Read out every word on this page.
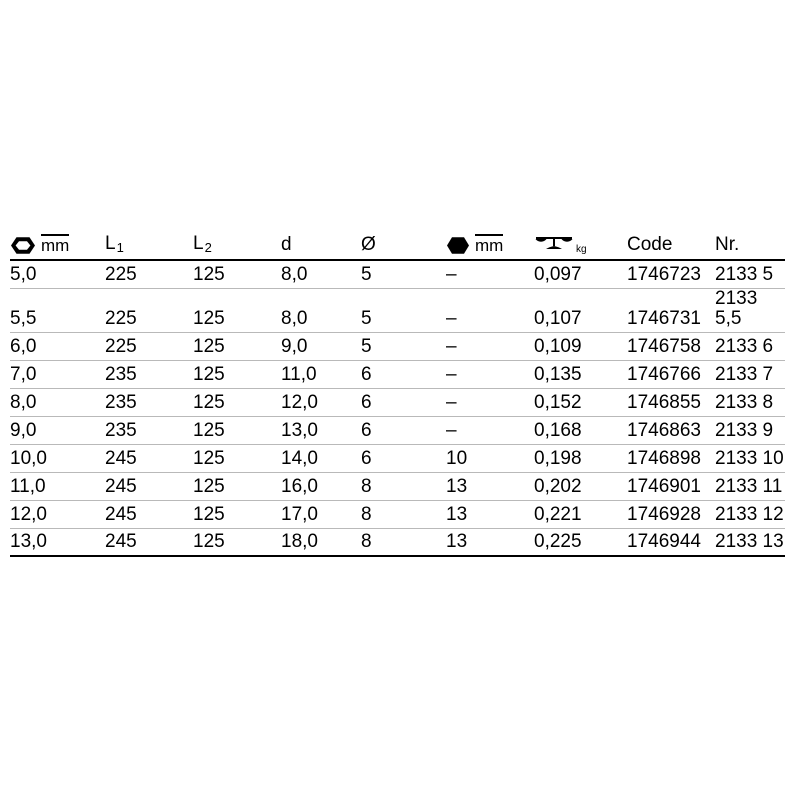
mm	L1	L2	d	Ø	mm	kg	Code	Nr.
5,0	225	125	8,0	5	–	0,097	1746723	2133 5
5,5	225	125	8,0	5	–	0,107	1746731	2133 5,5
6,0	225	125	9,0	5	–	0,109	1746758	2133 6
7,0	235	125	11,0	6	–	0,135	1746766	2133 7
8,0	235	125	12,0	6	–	0,152	1746855	2133 8
9,0	235	125	13,0	6	–	0,168	1746863	2133 9
10,0	245	125	14,0	6	10	0,198	1746898	2133 10
11,0	245	125	16,0	8	13	0,202	1746901	2133 11
12,0	245	125	17,0	8	13	0,221	1746928	2133 12
13,0	245	125	18,0	8	13	0,225	1746944	2133 13
